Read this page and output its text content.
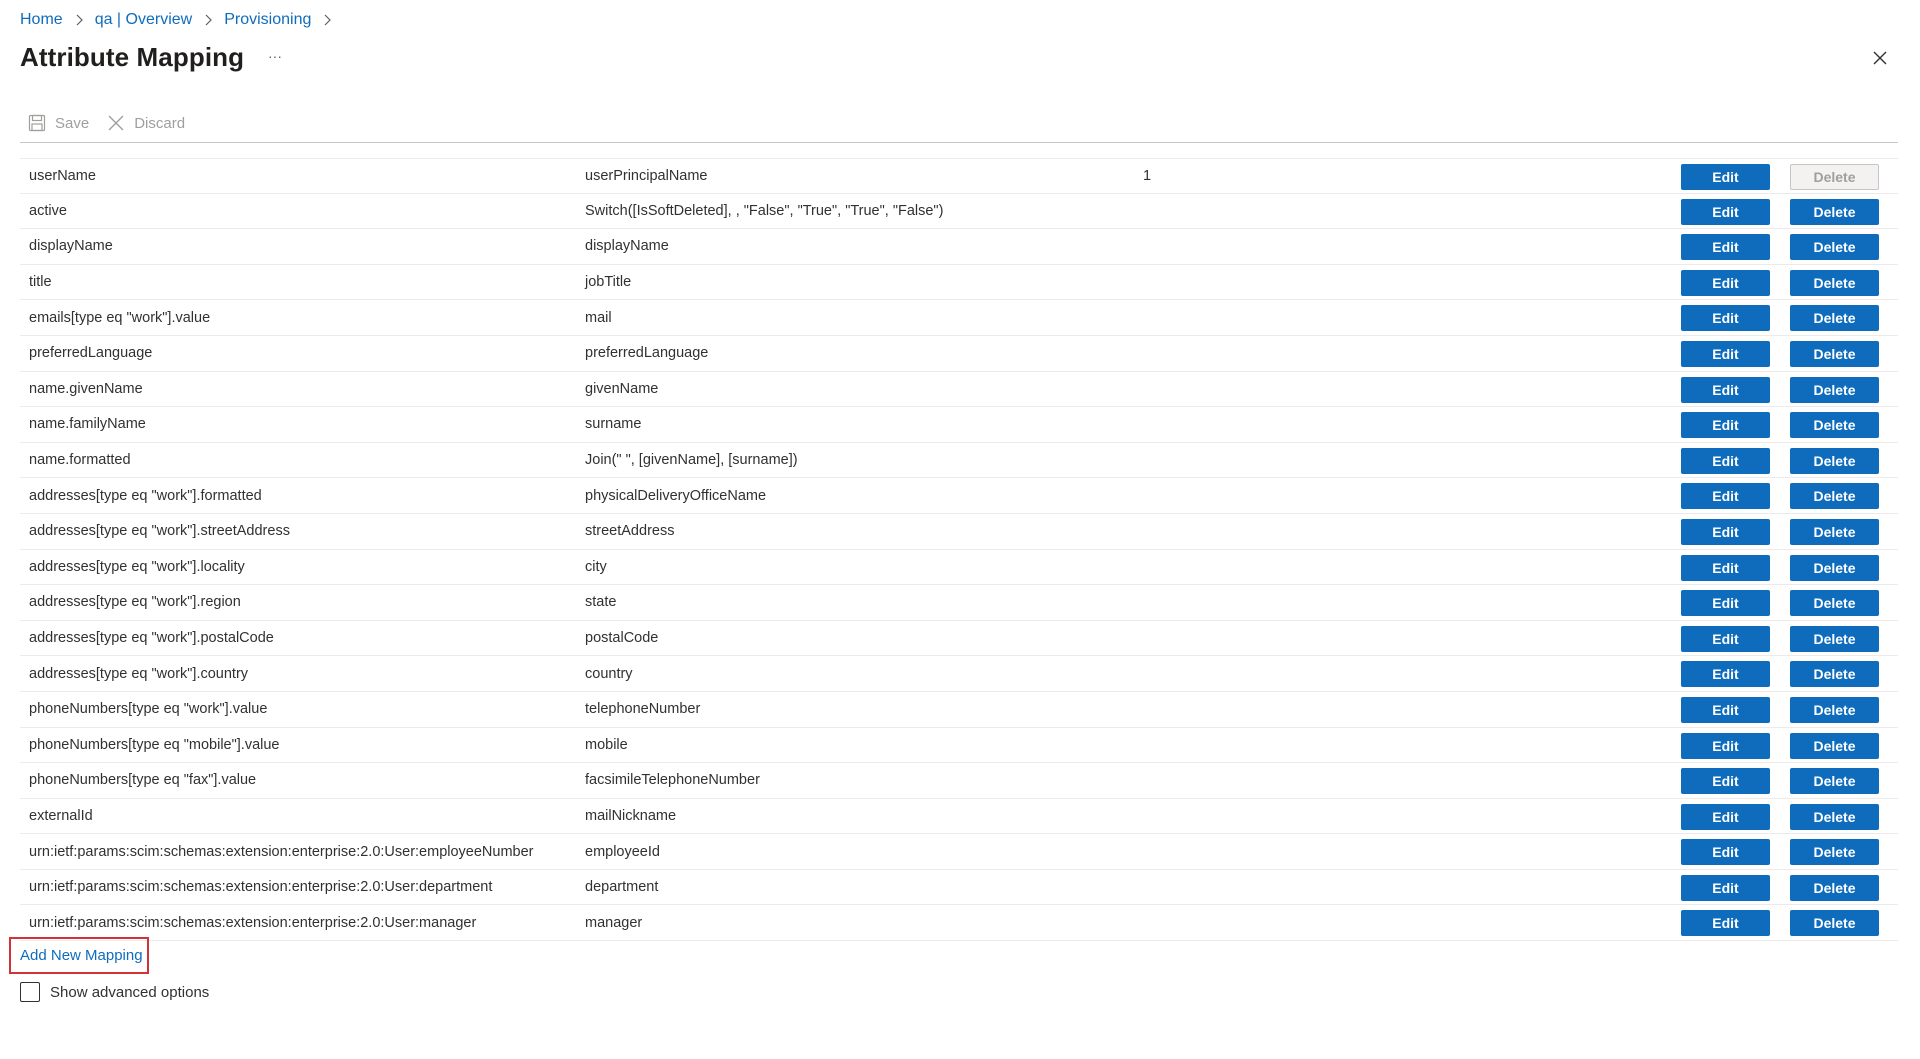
Home qa | Overview Provisioning
Attribute Mapping ···
Save	Discard
userName	userPrincipalName	1	Edit	Delete
active	Switch([IsSoftDeleted], , "False", "True", "True", "False")	Edit	Delete
displayName	displayName	Edit	Delete
title	jobTitle	Edit	Delete
emails[type eq "work"].value	mail	Edit	Delete
preferredLanguage	preferredLanguage	Edit	Delete
name.givenName	givenName	Edit	Delete
name.familyName	surname	Edit	Delete
name.formatted	Join(" ", [givenName], [surname])	Edit	Delete
addresses[type eq "work"].formatted	physicalDeliveryOfficeName	Edit	Delete
addresses[type eq "work"].streetAddress	streetAddress	Edit	Delete
addresses[type eq "work"].locality	city	Edit	Delete
addresses[type eq "work"].region	state	Edit	Delete
addresses[type eq "work"].postalCode	postalCode	Edit	Delete
addresses[type eq "work"].country	country	Edit	Delete
phoneNumbers[type eq "work"].value	telephoneNumber	Edit	Delete
phoneNumbers[type eq "mobile"].value	mobile	Edit	Delete
phoneNumbers[type eq "fax"].value	facsimileTelephoneNumber	Edit	Delete
externalId	mailNickname	Edit	Delete
urn:ietf:params:scim:schemas:extension:enterprise:2.0:User:employeeNumber	employeeId	Edit	Delete
urn:ietf:params:scim:schemas:extension:enterprise:2.0:User:department	department	Edit	Delete
urn:ietf:params:scim:schemas:extension:enterprise:2.0:User:manager	manager	Edit	Delete
Add New Mapping
Show advanced options
